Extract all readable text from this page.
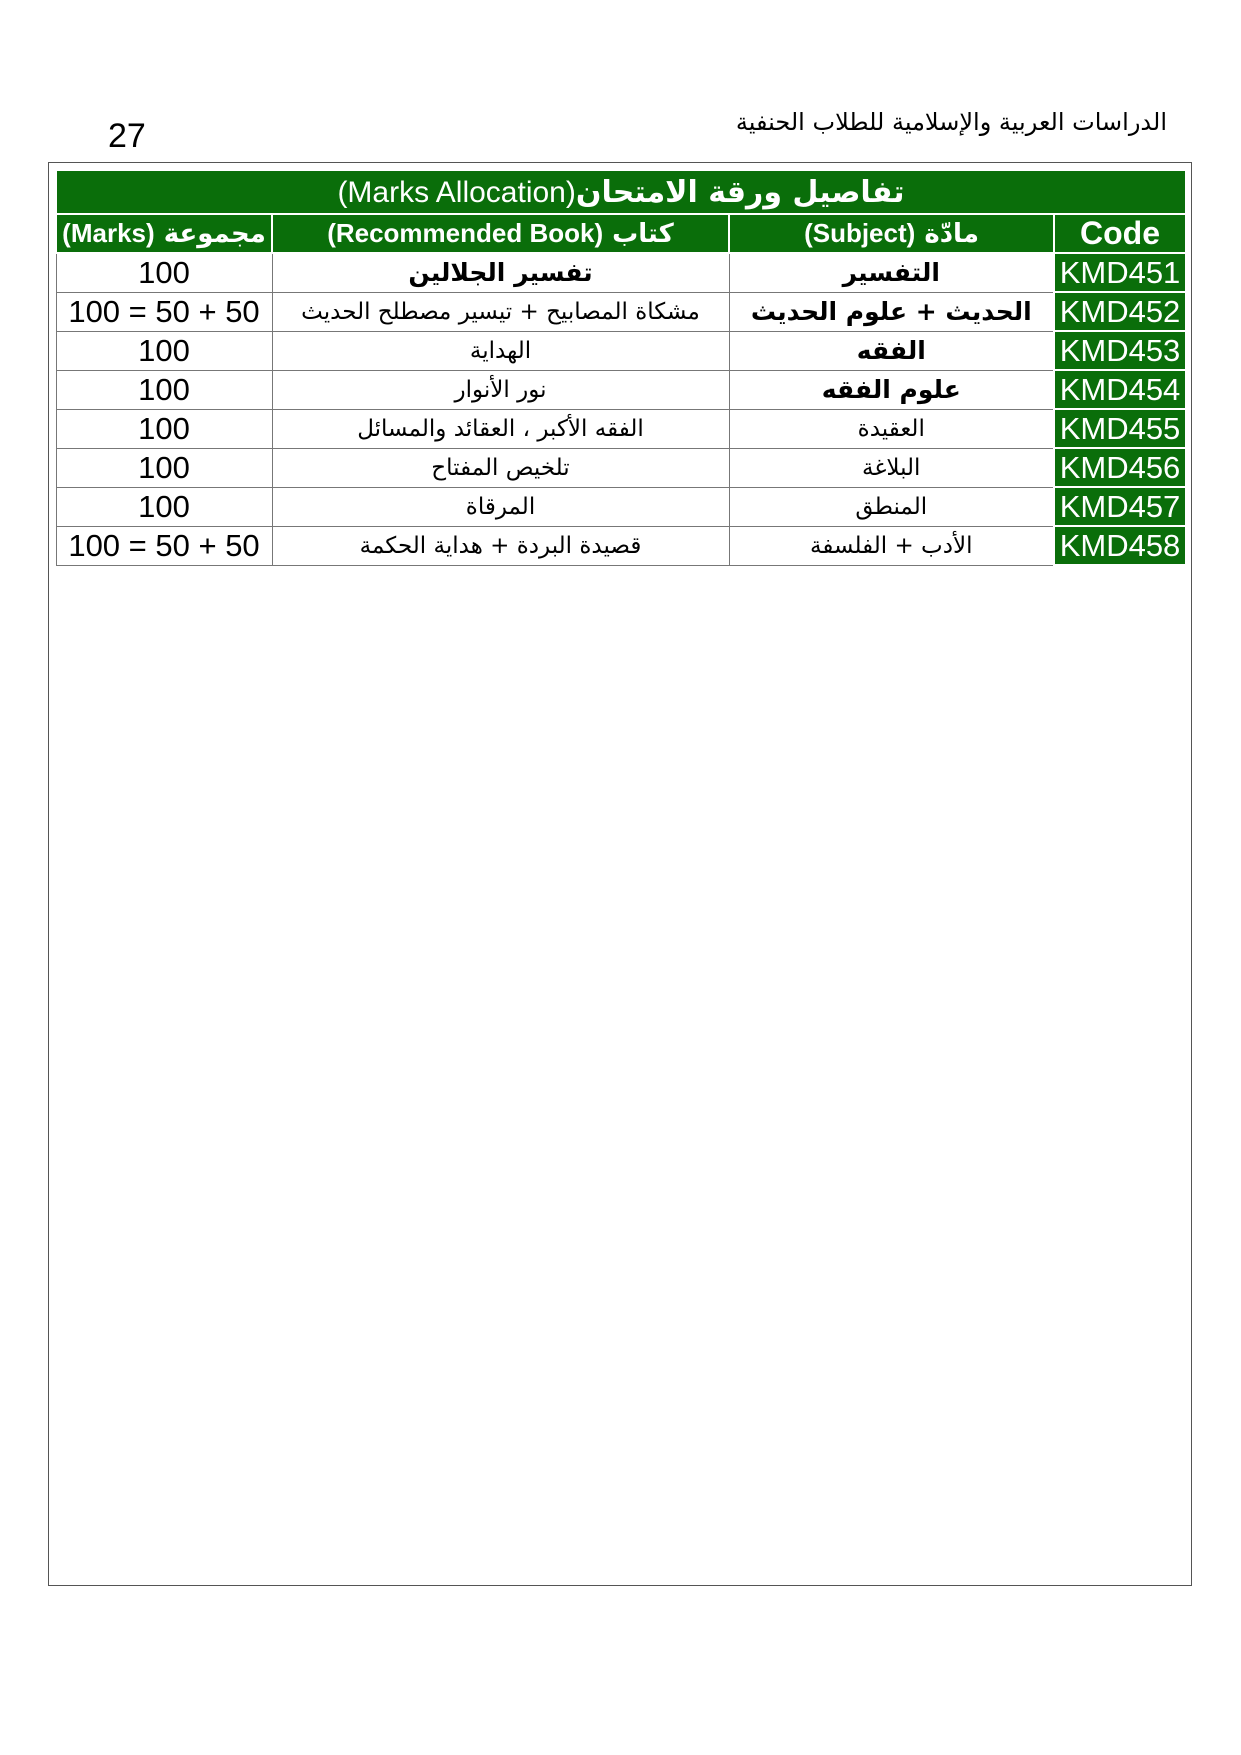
27	الدراسات العربية والإسلامية للطلاب الحنفية
تفاصيل ورقة الامتحان(Marks Allocation)			
مجموعة (Marks)	كتاب (Recommended Book)	مادّة (Subject)	Code
100	تفسير الجلالين	التفسير	KMD451
100 = 50 + 50	مشكاة المصابيح + تيسير مصطلح الحديث	الحديث + علوم الحديث	KMD452
100	الهداية	الفقه	KMD453
100	نور الأنوار	علوم الفقه	KMD454
100	الفقه الأكبر ، العقائد والمسائل	العقيدة	KMD455
100	تلخيص المفتاح	البلاغة	KMD456
100	المرقاة	المنطق	KMD457
100 = 50 + 50	قصيدة البردة + هداية الحكمة	الأدب + الفلسفة	KMD458
